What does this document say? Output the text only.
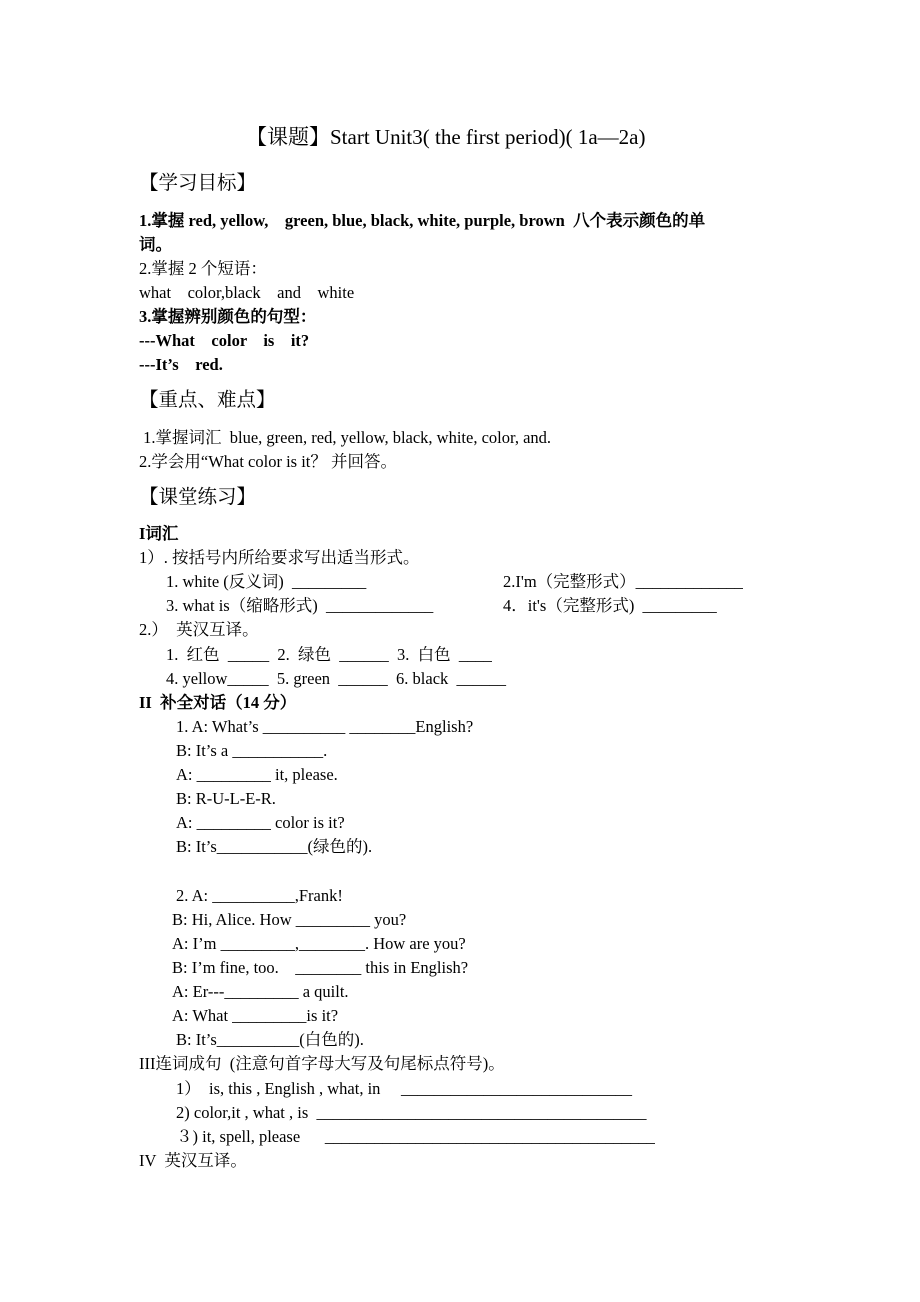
【课题】Start Unit3( the first period)( 1a—2a)
【学习目标】
1.掌握 red, yellow,    green, blue, black, white, purple, brown  八个表示颜色的单
词。
2.掌握 2 个短语：
what    color,black    and    white
3.掌握辨别颜色的句型：
---What    color    is    it?
---It’s    red.
【重点、难点】
1.掌握词汇  blue, green, red, yellow, black, white, color, and.
2.学会用“What color is it？ 并回答。
【课堂练习】
I词汇
1）. 按括号内所给要求写出适当形式。
1. white (反义词)  _________	2.I'm（完整形式）_____________
3. what is（缩略形式)  _____________	4．it's（完整形式)  _________
2.）  英汉互译。
1.  红色  _____  2.  绿色  ______  3.  白色  ____
4. yellow_____  5. green  ______  6. black  ______
II  补全对话（14 分）
1. A: What’s __________ ________English?
B: It’s a ___________.
A: _________ it, please.
B: R-U-L-E-R.
A: _________ color is it?
B: It’s___________(绿色的).
2. A: __________,Frank!
B: Hi, Alice. How _________ you?
A: I’m _________,________. How are you?
B: I’m fine, too.    ________ this in English?
A: Er---_________ a quilt.
A: What _________is it?
B: It’s__________(白色的).
III连词成句  (注意句首字母大写及句尾标点符号)。
1）  is, this , English , what, in     ____________________________
2) color,it , what , is  ________________________________________
３) it, spell, please      ________________________________________
IV  英汉互译。
